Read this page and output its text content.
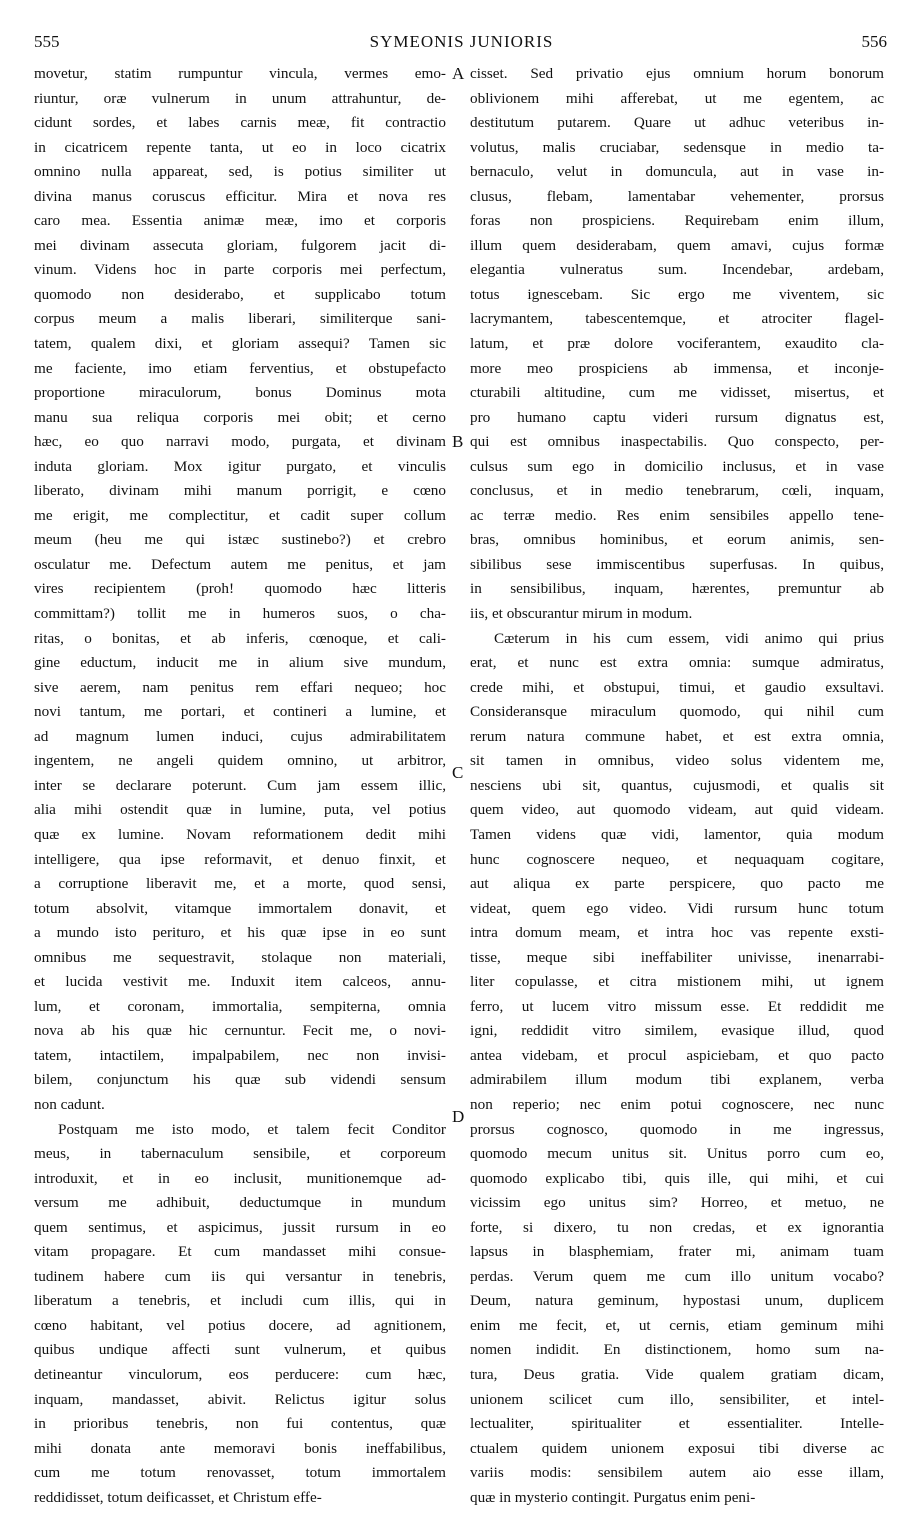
555	SYMEONIS JUNIORIS	556
movetur, statim rumpuntur vincula, vermes emo-
riuntur, oræ vulnerum in unum attrahuntur, de-
cidunt sordes, et labes carnis meæ, fit contractio
in cicatricem repente tanta, ut eo in loco cicatrix
omnino nulla appareat, sed, is potius similiter ut
divina manus coruscus efficitur. Mira et nova res
caro mea. Essentia animæ meæ, imo et corporis
mei divinam assecuta gloriam, fulgorem jacit di-
vinum. Videns hoc in parte corporis mei perfectum,
quomodo non desiderabo, et supplicabo totum
corpus meum a malis liberari, similiterque sani-
tatem, qualem dixi, et gloriam assequi? Tamen sic
me faciente, imo etiam ferventius, et obstupefacto
proportione miraculorum, bonus Dominus mota
manu sua reliqua corporis mei obit; et cerno
hæc, eo quo narravi modo, purgata, et divinam
induta gloriam. Mox igitur purgato, et vinculis
liberato, divinam mihi manum porrigit, e cœno
me erigit, me complectitur, et cadit super collum
meum (heu me qui istæc sustinebo?) et crebro
osculatur me. Defectum autem me penitus, et jam
vires recipientem (proh! quomodo hæc litteris
committam?) tollit me in humeros suos, o cha-
ritas, o bonitas, et ab inferis, cœnoque, et cali-
gine eductum, inducit me in alium sive mundum,
sive aerem, nam penitus rem effari nequeo; hoc
novi tantum, me portari, et contineri a lumine, et
ad magnum lumen induci, cujus admirabilitatem
ingentem, ne angeli quidem omnino, ut arbitror,
inter se declarare poterunt. Cum jam essem illic,
alia mihi ostendit quæ in lumine, puta, vel potius
quæ ex lumine. Novam reformationem dedit mihi
intelligere, qua ipse reformavit, et denuo finxit, et
a corruptione liberavit me, et a morte, quod sensi,
totum absolvit, vitamque immortalem donavit, et
a mundo isto perituro, et his quæ ipse in eo sunt
omnibus me sequestravit, stolaque non materiali,
et lucida vestivit me. Induxit item calceos, annu-
lum, et coronam, immortalia, sempiterna, omnia
nova ab his quæ hic cernuntur. Fecit me, o novi-
tatem, intactilem, impalpabilem, nec non invisi-
bilem, conjunctum his quæ sub videndi sensum
non cadunt.
Postquam me isto modo, et talem fecit Conditor
meus, in tabernaculum sensibile, et corporeum
introduxit, et in eo inclusit, munitionemque ad-
versum me adhibuit, deductumque in mundum
quem sentimus, et aspicimus, jussit rursum in eo
vitam propagare. Et cum mandasset mihi consue-
tudinem habere cum iis qui versantur in tenebris,
liberatum a tenebris, et includi cum illis, qui in
cœno habitant, vel potius docere, ad agnitionem,
quibus undique affecti sunt vulnerum, et quibus
detineantur vinculorum, eos perducere: cum hæc,
inquam, mandasset, abivit. Relictus igitur solus
in prioribus tenebris, non fui contentus, quæ
mihi donata ante memoravi bonis ineffabilibus,
cum me totum renovasset, totum immortalem
reddidisset, totum deificasset, et Christum effe-
cisset. Sed privatio ejus omnium horum bonorum
oblivionem mihi afferebat, ut me egentem, ac
destitutum putarem. Quare ut adhuc veteribus in-
volutus, malis cruciabar, sedensque in medio ta-
bernaculo, velut in domuncula, aut in vase in-
clusus, flebam, lamentabar vehementer, prorsus
foras non prospiciens. Requirebam enim illum,
illum quem desiderabam, quem amavi, cujus formæ
elegantia vulneratus sum. Incendebar, ardebam,
totus ignescebam. Sic ergo me viventem, sic
lacrymantem, tabescentemque, et atrociter flagel-
latum, et præ dolore vociferantem, exaudito cla-
more meo prospiciens ab immensa, et inconje-
cturabili altitudine, cum me vidisset, misertus, et
pro humano captu videri rursum dignatus est,
qui est omnibus inaspectabilis. Quo conspecto, per-
culsus sum ego in domicilio inclusus, et in vase
conclusus, et in medio tenebrarum, cœli, inquam,
ac terræ medio. Res enim sensibiles appello tene-
bras, omnibus hominibus, et eorum animis, sen-
sibilibus sese immiscentibus superfusas. In quibus,
in sensibilibus, inquam, hærentes, premuntur ab
iis, et obscurantur mirum in modum.
Cæterum in his cum essem, vidi animo qui prius
erat, et nunc est extra omnia: sumque admiratus,
crede mihi, et obstupui, timui, et gaudio exsultavi.
Consideransque miraculum quomodo, qui nihil cum
rerum natura commune habet, et est extra omnia,
sit tamen in omnibus, video solus videntem me,
nesciens ubi sit, quantus, cujusmodi, et qualis sit
quem video, aut quomodo videam, aut quid videam.
Tamen videns quæ vidi, lamentor, quia modum
hunc cognoscere nequeo, et nequaquam cogitare,
aut aliqua ex parte perspicere, quo pacto me
videat, quem ego video. Vidi rursum hunc totum
intra domum meam, et intra hoc vas repente exsti-
tisse, meque sibi ineffabiliter univisse, inenarrabi-
liter copulasse, et citra mistionem mihi, ut ignem
ferro, ut lucem vitro missum esse. Et reddidit me
igni, reddidit vitro similem, evasique illud, quod
antea videbam, et procul aspiciebam, et quo pacto
admirabilem illum modum tibi explanem, verba
non reperio; nec enim potui cognoscere, nec nunc
prorsus cognosco, quomodo in me ingressus,
quomodo mecum unitus sit. Unitus porro cum eo,
quomodo explicabo tibi, quis ille, qui mihi, et cui
vicissim ego unitus sim? Horreo, et metuo, ne
forte, si dixero, tu non credas, et ex ignorantia
lapsus in blasphemiam, frater mi, animam tuam
perdas. Verum quem me cum illo unitum vocabo?
Deum, natura geminum, hypostasi unum, duplicem
enim me fecit, et, ut cernis, etiam geminum mihi
nomen indidit. En distinctionem, homo sum na-
tura, Deus gratia. Vide qualem gratiam dicam,
unionem scilicet cum illo, sensibiliter, et intel-
lectualiter, spiritualiter et essentialiter. Intelle-
ctualem quidem unionem exposui tibi diverse ac
variis modis: sensibilem autem aio esse illam,
quæ in mysterio contingit. Purgatus enim peni-
A
B
C
D
